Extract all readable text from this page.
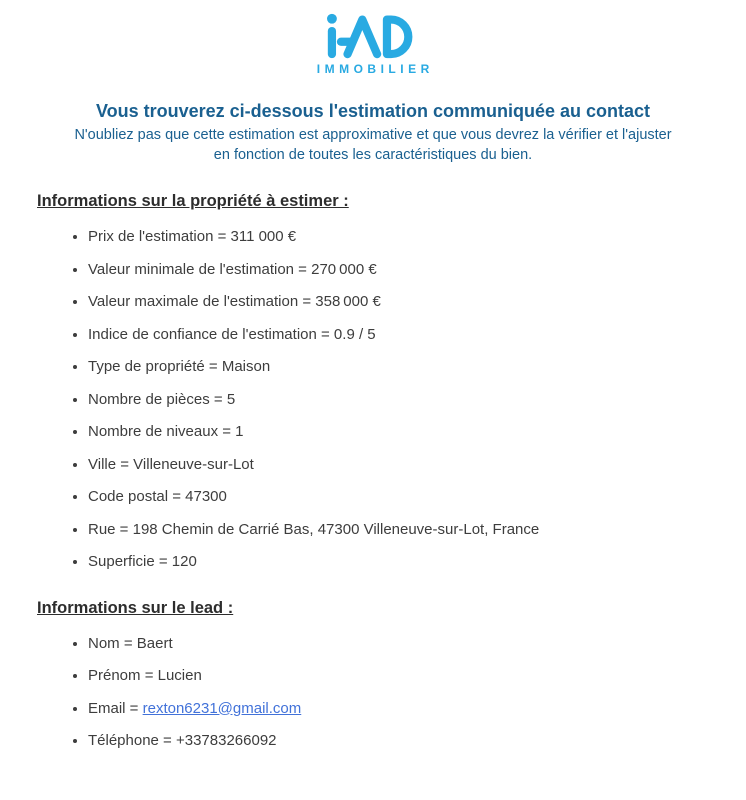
IMMOBILIER
Vous trouverez ci-dessous l'estimation communiquée au contact
N'oubliez pas que cette estimation est approximative et que vous devrez la vérifier et l'ajuster
en fonction de toutes les caractéristiques du bien.
Informations sur la propriété à estimer :
• Prix de l'estimation = 311 000 €
• Valeur minimale de l'estimation = 270 000 €
• Valeur maximale de l'estimation = 358 000 €
• Indice de confiance de l'estimation = 0.9 / 5
• Type de propriété = Maison
• Nombre de pièces = 5
• Nombre de niveaux = 1
• Ville = Villeneuve-sur-Lot
• Code postal = 47300
• Rue = 198 Chemin de Carrié Bas, 47300 Villeneuve-sur-Lot, France
• Superficie = 120
Informations sur le lead :
• Nom = Baert
• Prénom = Lucien
• Email = rexton6231@gmail.com
• Téléphone = +33783266092
